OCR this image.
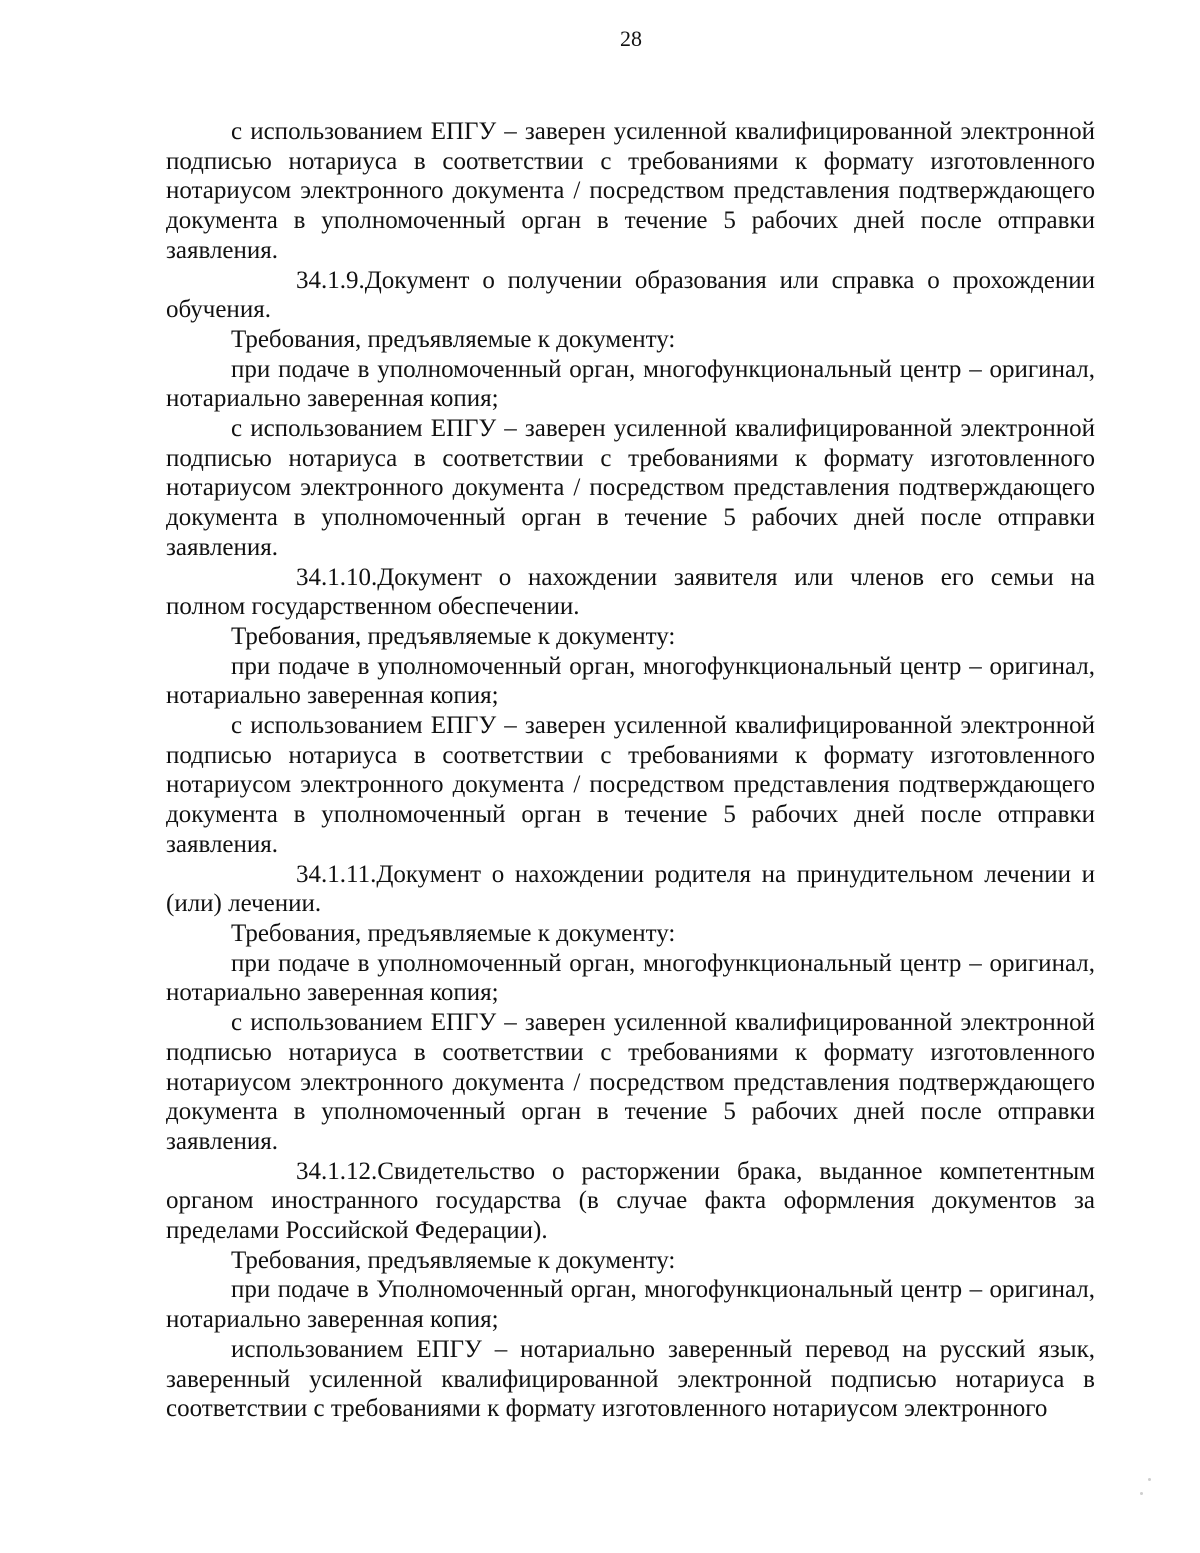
28

с использованием ЕПГУ – заверен усиленной квалифицированной электронной подписью нотариуса в соответствии с требованиями к формату изготовленного нотариусом электронного документа / посредством представления подтверждающего документа в уполномоченный орган в течение 5 рабочих дней после отправки заявления.

34.1.9.Документ о получении образования или справка о прохождении обучения.

Требования, предъявляемые к документу:

при подаче в уполномоченный орган, многофункциональный центр – оригинал, нотариально заверенная копия;

с использованием ЕПГУ – заверен усиленной квалифицированной электронной подписью нотариуса в соответствии с требованиями к формату изготовленного нотариусом электронного документа / посредством представления подтверждающего документа в уполномоченный орган в течение 5 рабочих дней после отправки заявления.

34.1.10.Документ о нахождении заявителя или членов его семьи на полном государственном обеспечении.

Требования, предъявляемые к документу:

при подаче в уполномоченный орган, многофункциональный центр – оригинал, нотариально заверенная копия;

с использованием ЕПГУ – заверен усиленной квалифицированной электронной подписью нотариуса в соответствии с требованиями к формату изготовленного нотариусом электронного документа / посредством представления подтверждающего документа в уполномоченный орган в течение 5 рабочих дней после отправки заявления.

34.1.11.Документ о нахождении родителя на принудительном лечении и (или) лечении.

Требования, предъявляемые к документу:

при подаче в уполномоченный орган, многофункциональный центр – оригинал, нотариально заверенная копия;

с использованием ЕПГУ – заверен усиленной квалифицированной электронной подписью нотариуса в соответствии с требованиями к формату изготовленного нотариусом электронного документа / посредством представления подтверждающего документа в уполномоченный орган в течение 5 рабочих дней после отправки заявления.

34.1.12.Свидетельство о расторжении брака, выданное компетентным органом иностранного государства (в случае факта оформления документов за пределами Российской Федерации).

Требования, предъявляемые к документу:

при подаче в Уполномоченный орган, многофункциональный центр – оригинал, нотариально заверенная копия;

использованием ЕПГУ – нотариально заверенный перевод на русский язык, заверенный усиленной квалифицированной электронной подписью нотариуса в соответствии с требованиями к формату изготовленного нотариусом электронного
